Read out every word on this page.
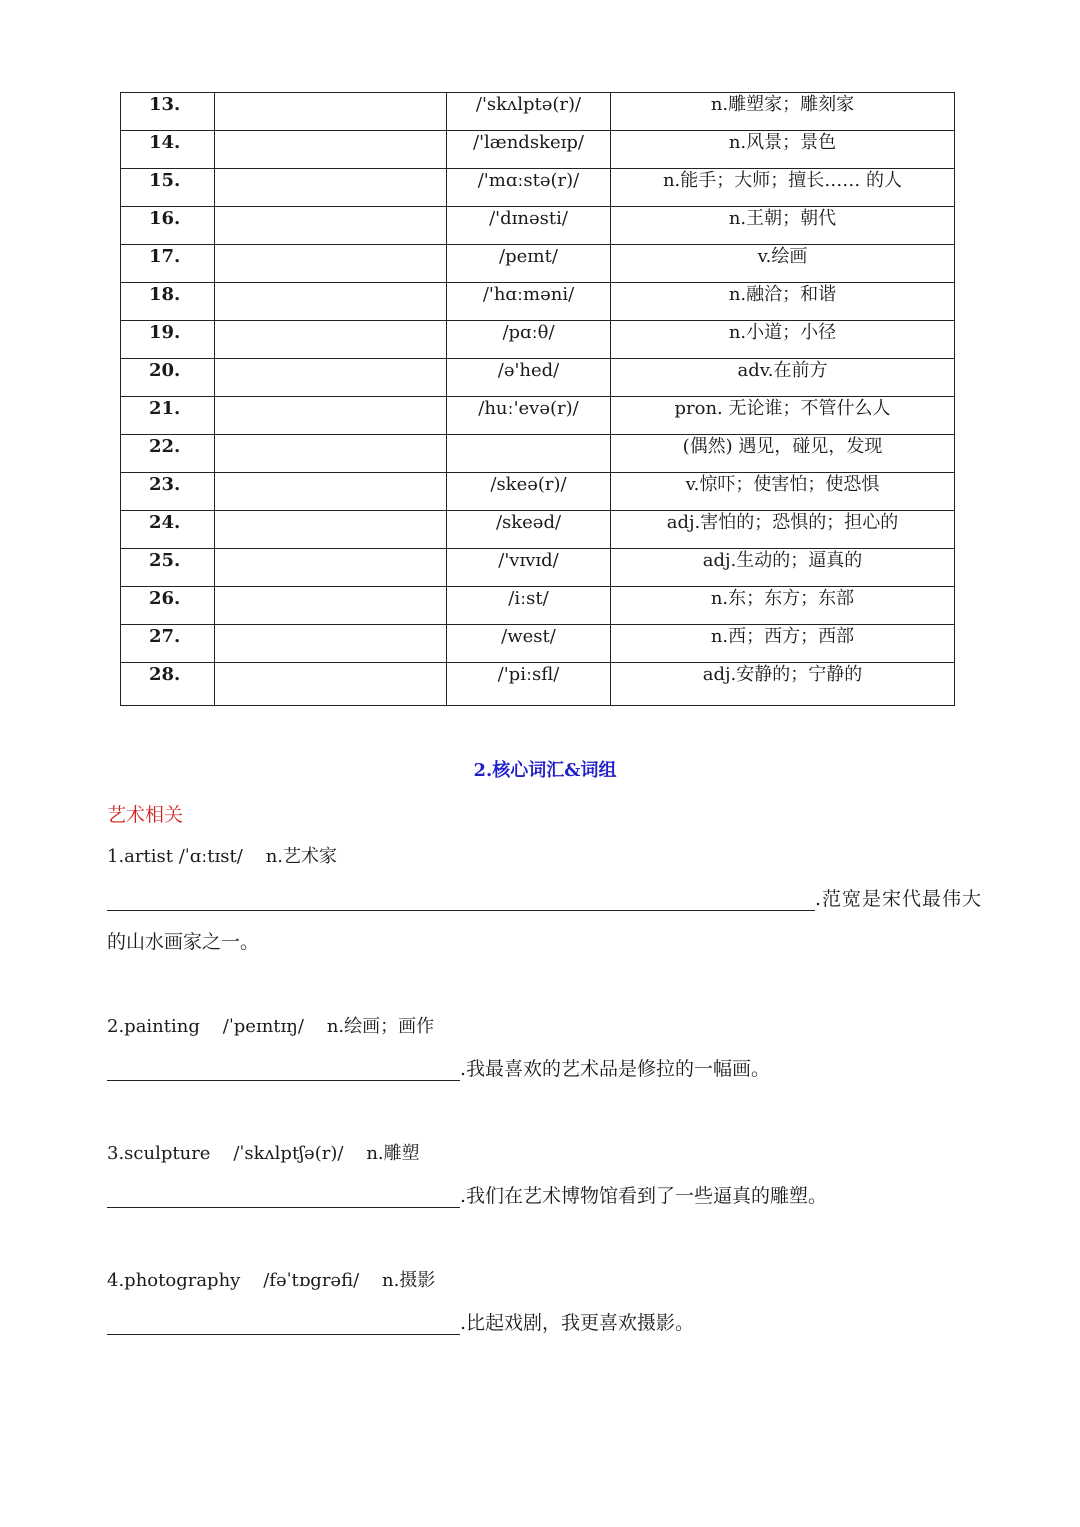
13.		/'skʌlptə(r)/	n.雕塑家；雕刻家
14.		/'lændskeɪp/	n.风景；景色
15.		/'mɑːstə(r)/	n.能手；大师；擅长…… 的人
16.		/'dɪnəsti/	n.王朝；朝代
17.		/peɪnt/	v.绘画
18.		/'hɑːməni/	n.融洽；和谐
19.		/pɑːθ/	n.小道；小径
20.		/ə'hed/	adv.在前方
21.		/huː'evə(r)/	pron. 无论谁；不管什么人
22.			(偶然) 遇见，碰见，发现
23.		/skeə(r)/	v.惊吓；使害怕；使恐惧
24.		/skeəd/	adj.害怕的；恐惧的；担心的
25.		/'vɪvɪd/	adj.生动的；逼真的
26.		/iːst/	n.东；东方；东部
27.		/west/	n.西；西方；西部
28.		/'piːsfl/	adj.安静的；宁静的
2.核心词汇&词组
艺术相关
1.artist /ˈɑːtɪst/    n.艺术家
.范宽是宋代最伟大
的山水画家之一。
2.painting    /ˈpeɪntɪŋ/    n.绘画；画作
.我最喜欢的艺术品是修拉的一幅画。
3.sculpture    /ˈskʌlptʃə(r)/    n.雕塑
.我们在艺术博物馆看到了一些逼真的雕塑。
4.photography    /fəˈtɒgrəfi/    n.摄影
.比起戏剧，我更喜欢摄影。
